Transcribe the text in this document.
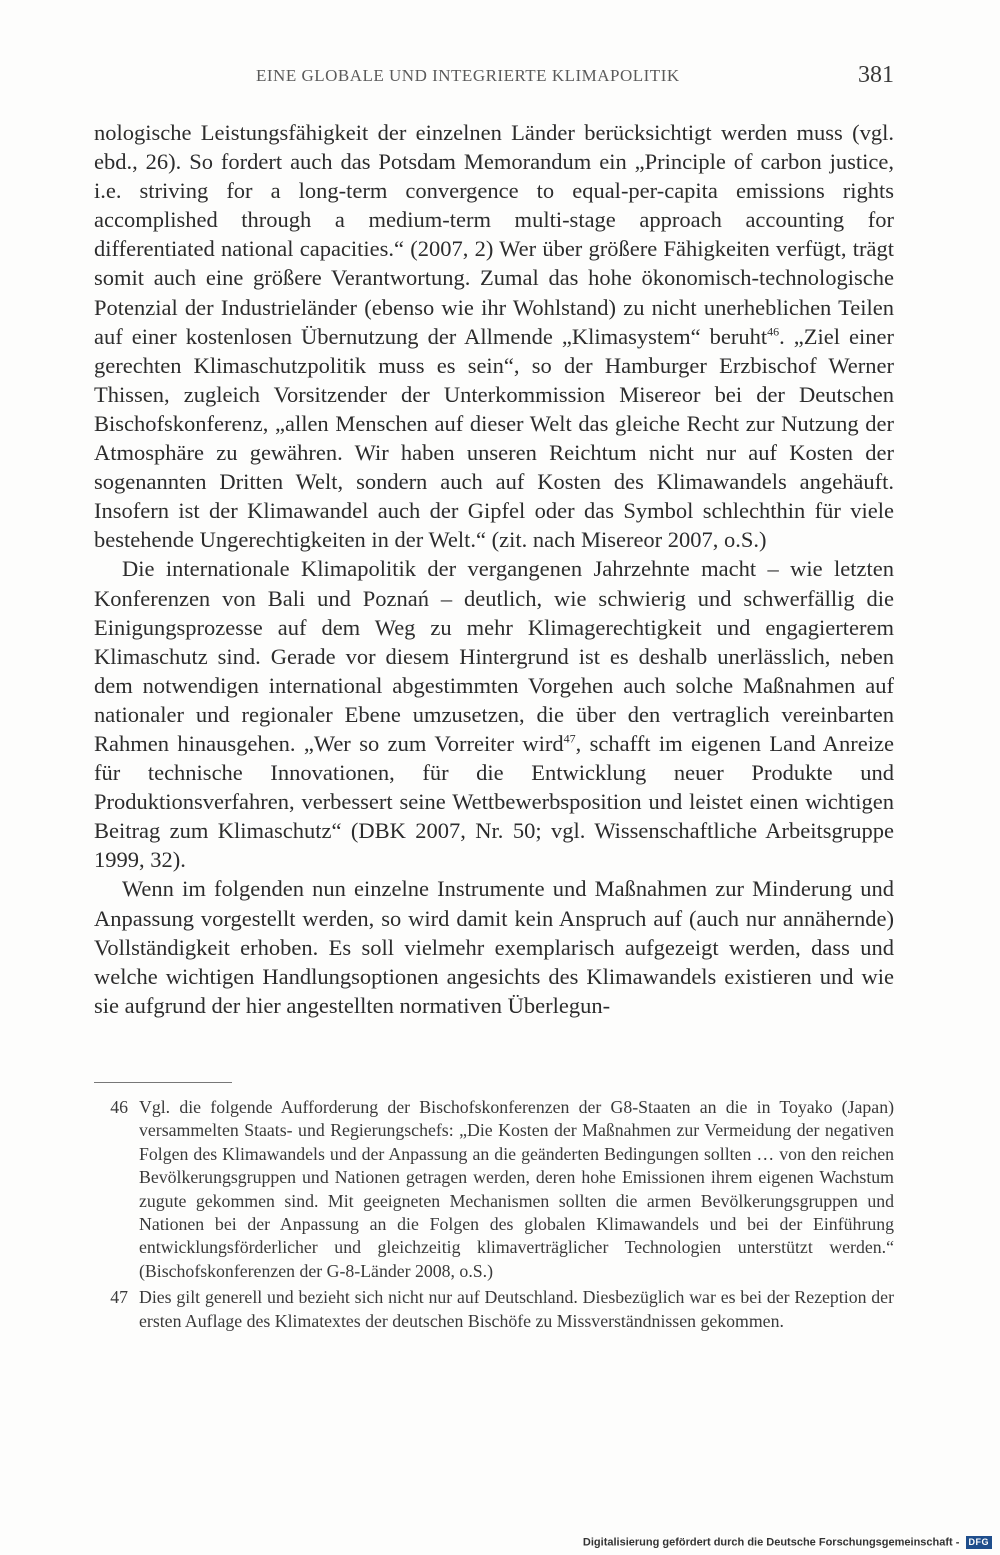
EINE GLOBALE UND INTEGRIERTE KLIMAPOLITIK	381

nologische Leistungsfähigkeit der einzelnen Länder berücksichtigt werden muss (vgl. ebd., 26). So fordert auch das Potsdam Memorandum ein „Principle of carbon justice, i.e. striving for a long-term convergence to equal-per-capita emissions rights accomplished through a medium-term multi-stage approach accounting for differentiated national capacities.“ (2007, 2) Wer über größere Fähigkeiten verfügt, trägt somit auch eine größere Verantwortung. Zumal das hohe ökonomisch-technologische Potenzial der Industrieländer (ebenso wie ihr Wohlstand) zu nicht unerheblichen Teilen auf einer kostenlosen Übernutzung der Allmende „Klimasystem“ beruht$^{46}$. „Ziel einer gerechten Klimaschutzpolitik muss es sein“, so der Hamburger Erzbischof Werner Thissen, zugleich Vorsitzender der Unterkommission Misereor bei der Deutschen Bischofskonferenz, „allen Menschen auf dieser Welt das gleiche Recht zur Nutzung der Atmosphäre zu gewähren. Wir haben unseren Reichtum nicht nur auf Kosten der sogenannten Dritten Welt, sondern auch auf Kosten des Klimawandels angehäuft. Insofern ist der Klimawandel auch der Gipfel oder das Symbol schlechthin für viele bestehende Ungerechtigkeiten in der Welt.“ (zit. nach Misereor 2007, o.S.)

Die internationale Klimapolitik der vergangenen Jahrzehnte macht – wie letzten Konferenzen von Bali und Poznań – deutlich, wie schwierig und schwerfällig die Einigungsprozesse auf dem Weg zu mehr Klimagerechtigkeit und engagierterem Klimaschutz sind. Gerade vor diesem Hintergrund ist es deshalb unerlässlich, neben dem notwendigen international abgestimmten Vorgehen auch solche Maßnahmen auf nationaler und regionaler Ebene umzusetzen, die über den vertraglich vereinbarten Rahmen hinausgehen. „Wer so zum Vorreiter wird$^{47}$, schafft im eigenen Land Anreize für technische Innovationen, für die Entwicklung neuer Produkte und Produktionsverfahren, verbessert seine Wettbewerbsposition und leistet einen wichtigen Beitrag zum Klimaschutz“ (DBK 2007, Nr. 50; vgl. Wissenschaftliche Arbeitsgruppe 1999, 32).

Wenn im folgenden nun einzelne Instrumente und Maßnahmen zur Minderung und Anpassung vorgestellt werden, so wird damit kein Anspruch auf (auch nur annähernde) Vollständigkeit erhoben. Es soll vielmehr exemplarisch aufgezeigt werden, dass und welche wichtigen Handlungsoptionen angesichts des Klimawandels existieren und wie sie aufgrund der hier angestellten normativen Überlegun-

46 Vgl. die folgende Aufforderung der Bischofskonferenzen der G8-Staaten an die in Toyako (Japan) versammelten Staats- und Regierungschefs: „Die Kosten der Maßnahmen zur Vermeidung der negativen Folgen des Klimawandels und der Anpassung an die geänderten Bedingungen sollten … von den reichen Bevölkerungsgruppen und Nationen getragen werden, deren hohe Emissionen ihrem eigenen Wachstum zugute gekommen sind. Mit geeigneten Mechanismen sollten die armen Bevölkerungsgruppen und Nationen bei der Anpassung an die Folgen des globalen Klimawandels und bei der Einführung entwicklungsförderlicher und gleichzeitig klimaverträglicher Technologien unterstützt werden.“ (Bischofskonferenzen der G-8-Länder 2008, o.S.)
47 Dies gilt generell und bezieht sich nicht nur auf Deutschland. Diesbezüglich war es bei der Rezeption der ersten Auflage des Klimatextes der deutschen Bischöfe zu Missverständnissen gekommen.
Digitalisierung gefördert durch die Deutsche Forschungsgemeinschaft - DFG
